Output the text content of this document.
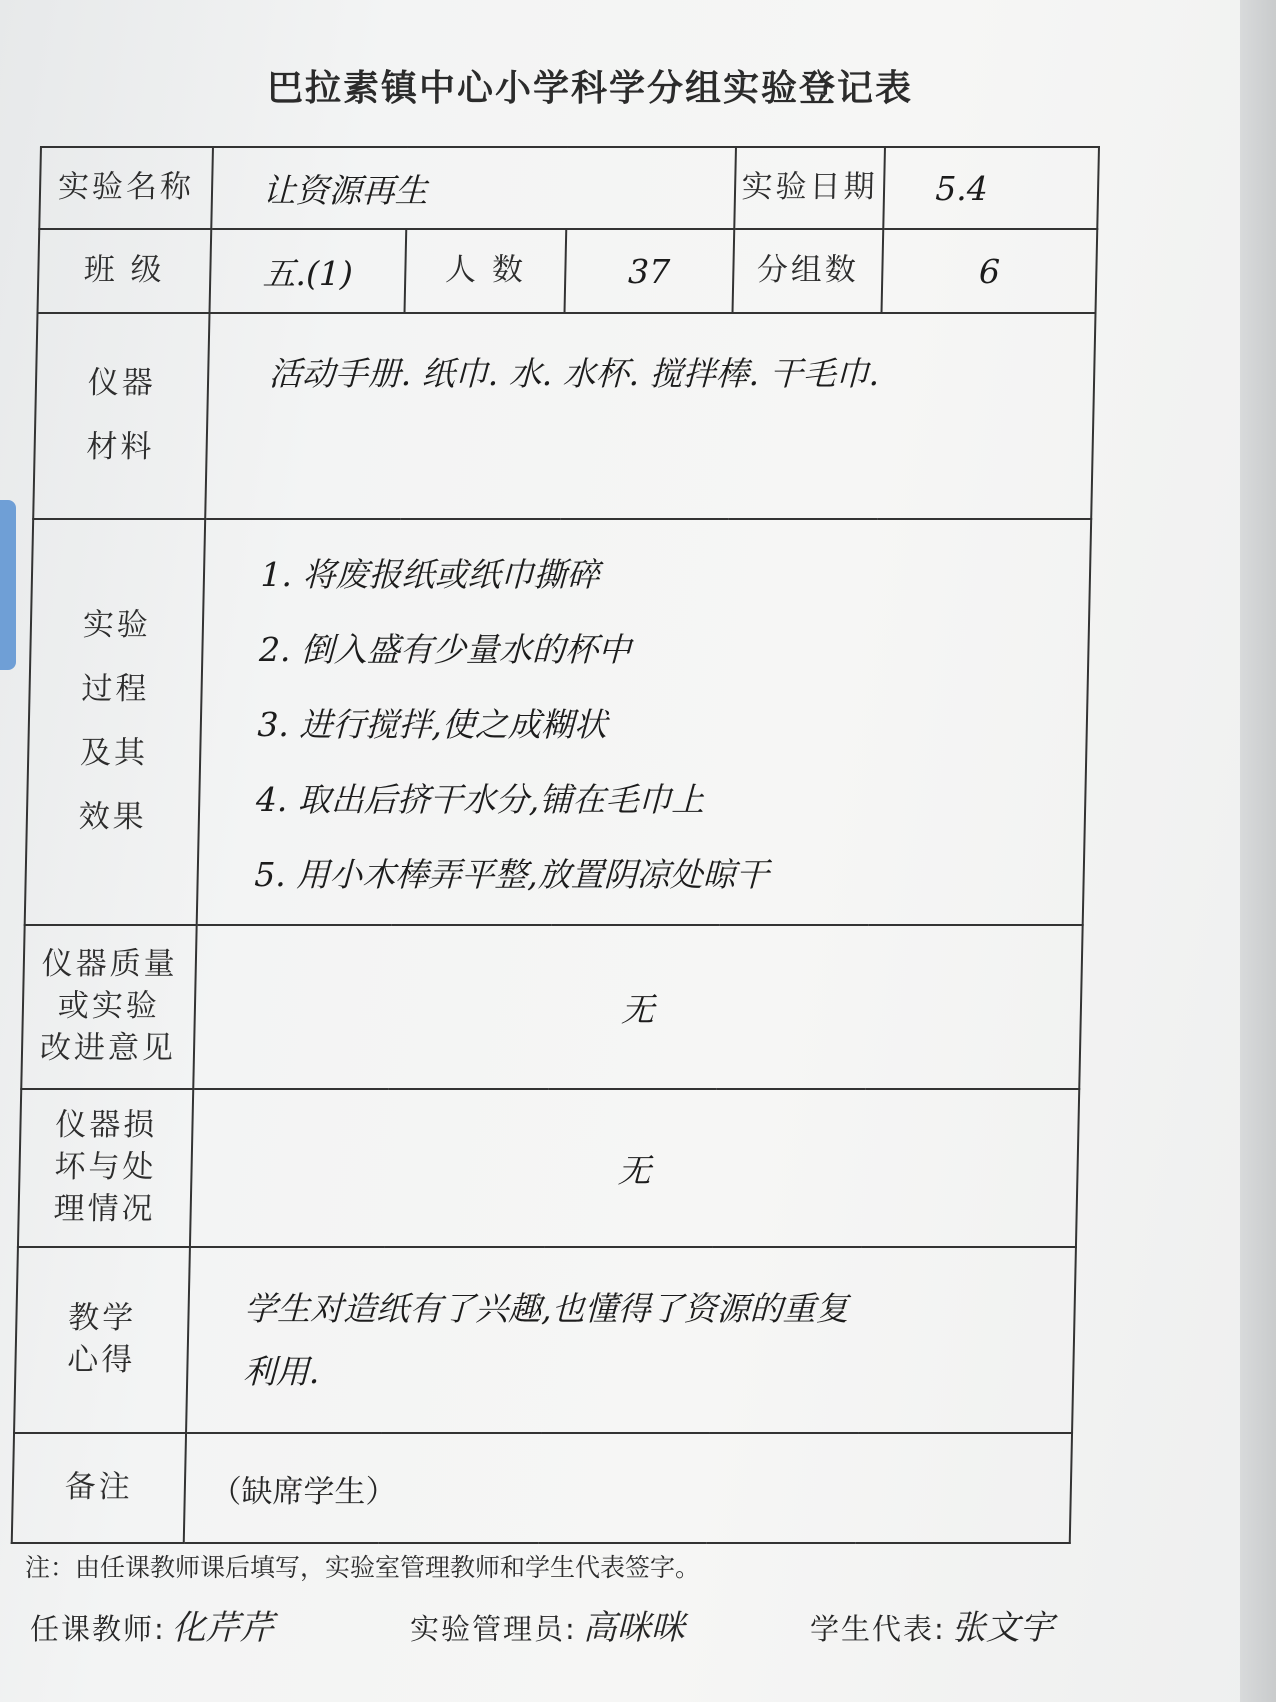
巴拉素镇中心小学科学分组实验登记表
实验名称	让资源再生			实验日期	5.4
班 级	五.(1)	人 数	37	分组数	6

仪器
材料	活动手册. 纸巾. 水. 水杯. 搅拌棒. 干毛巾.				

实验
过程
及其
效果	1. 将废报纸或纸巾撕碎
2. 倒入盛有少量水的杯中
3. 进行搅拌,使之成糊状
4. 取出后挤干水分,铺在毛巾上
5. 用小木棒弄平整,放置阴凉处晾干				

仪器质量
或实验
改进意见	无				

仪器损
坏与处
理情况	无				

教学
心得	学生对造纸有了兴趣,也懂得了资源的重复
利用.				

备注	（缺席学生）				
注：由任课教师课后填写，实验室管理教师和学生代表签字。
任课教师: 化芹芹	实验管理员: 高咪咪	学生代表: 张文宇
